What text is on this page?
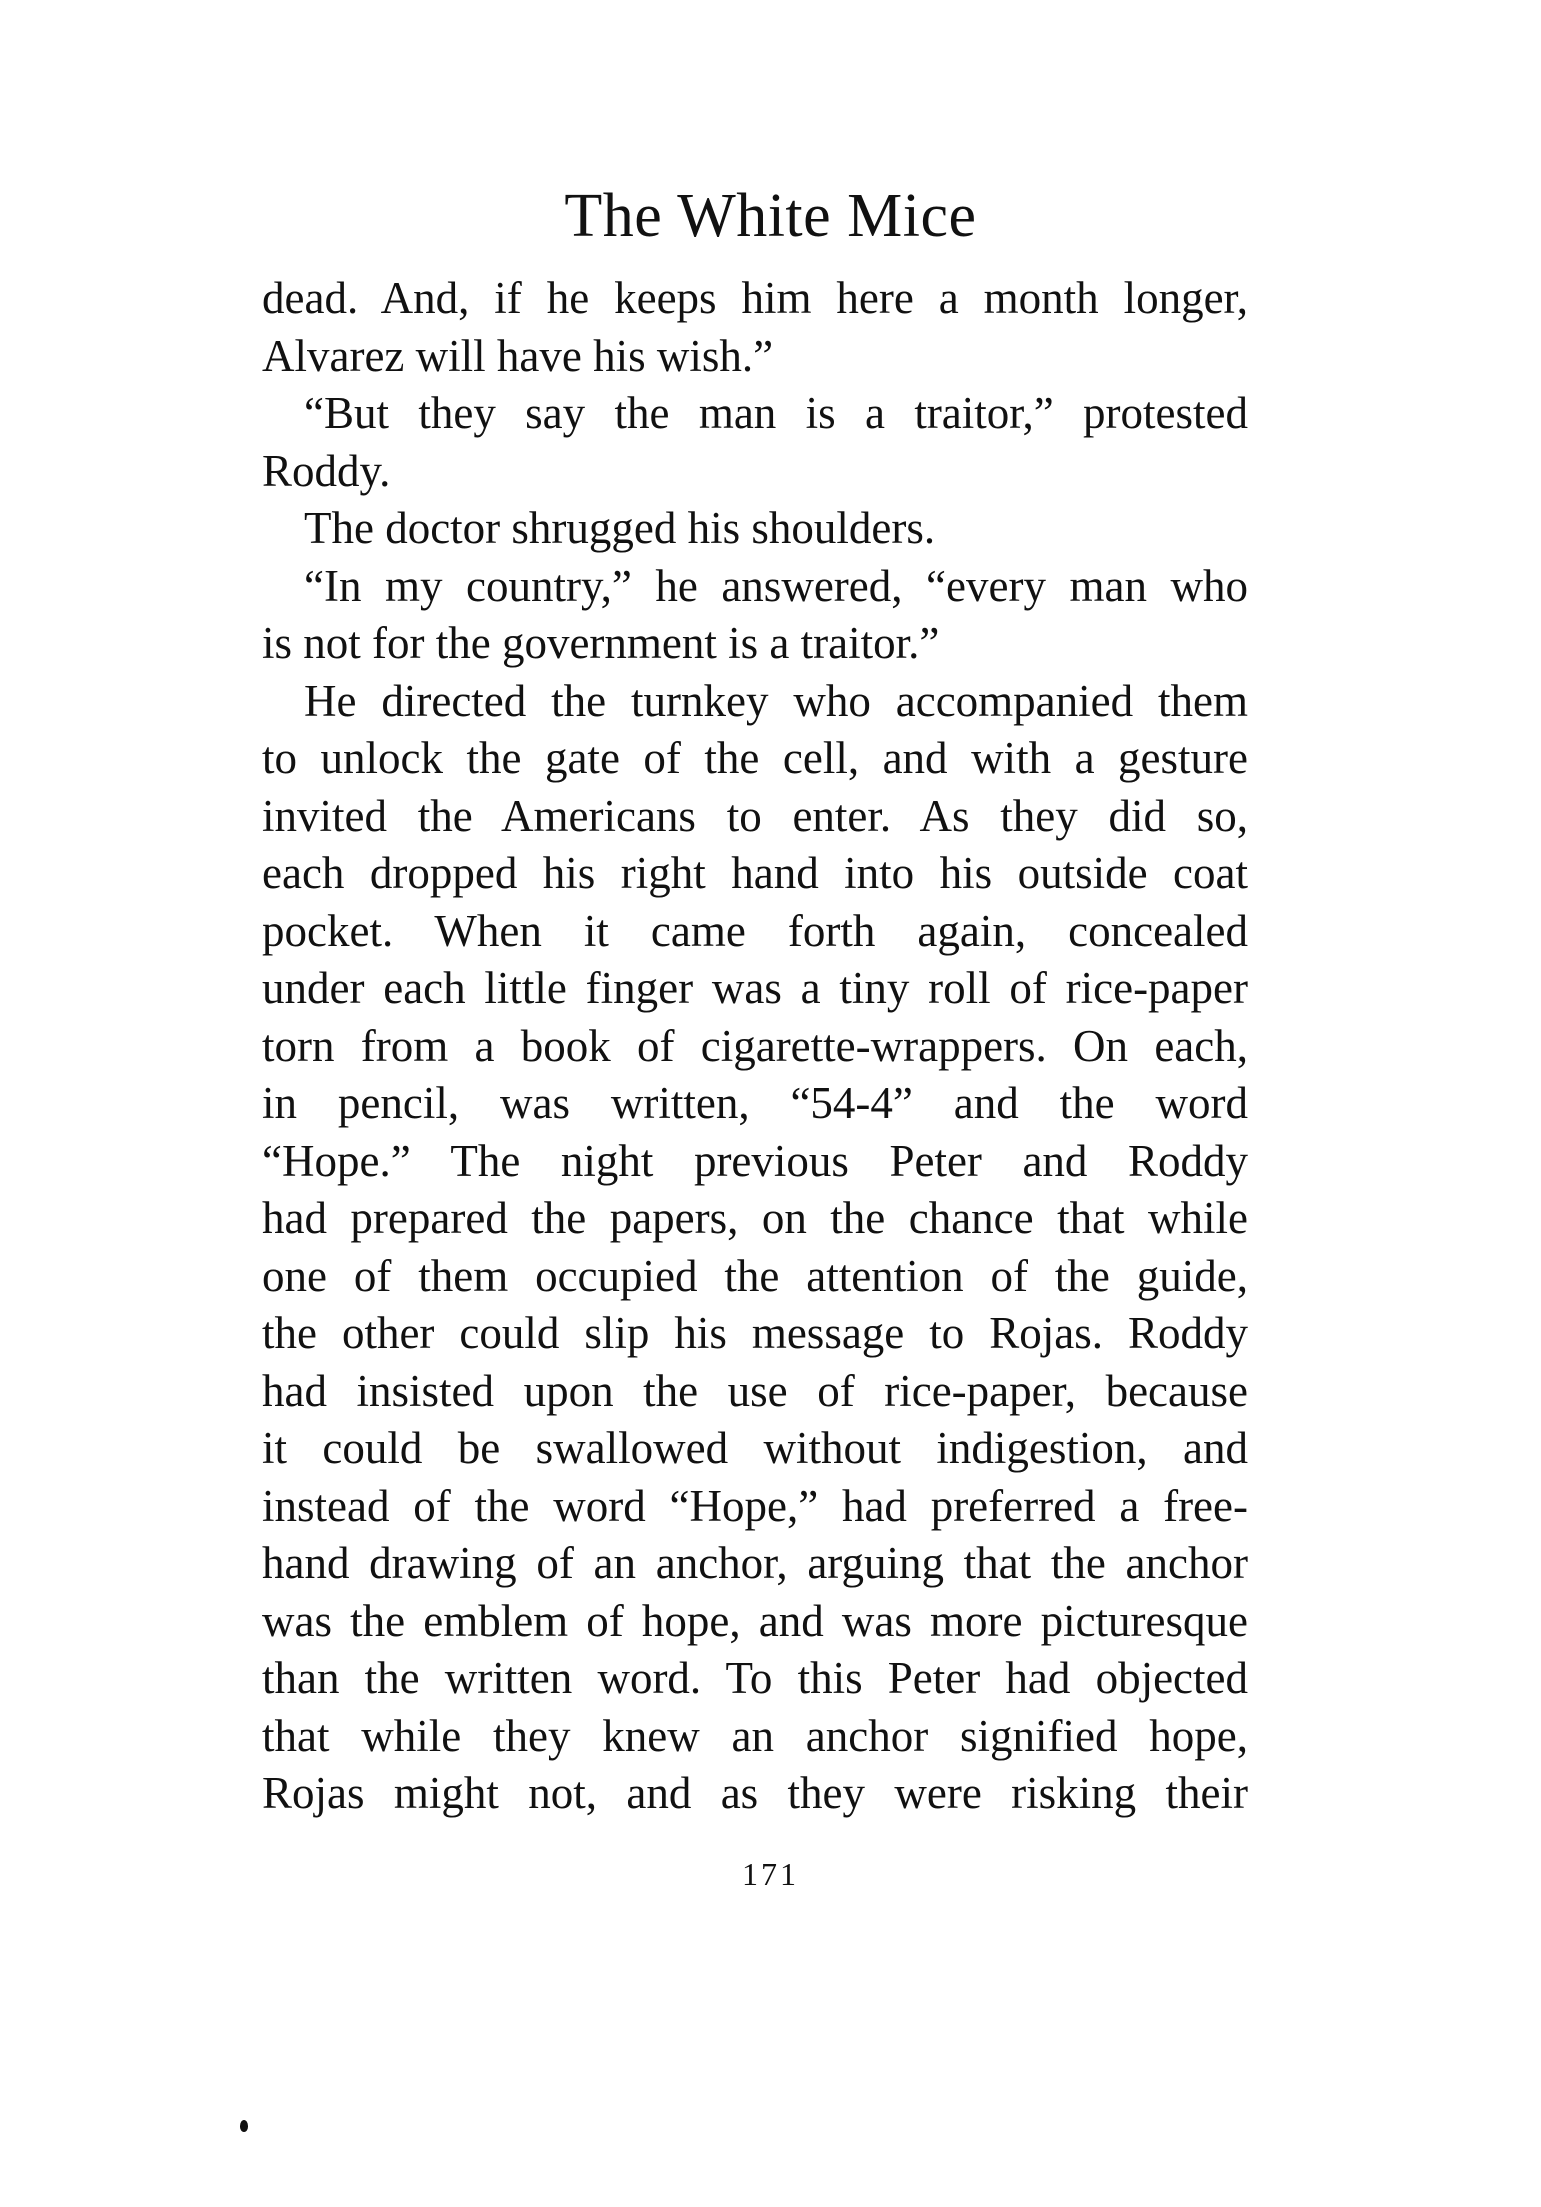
The White Mice
dead. And, if he keeps him here a month longer,
Alvarez will have his wish.”
“But they say the man is a traitor,” protested
Roddy.
The doctor shrugged his shoulders.
“In my country,” he answered, “every man who
is not for the government is a traitor.”
He directed the turnkey who accompanied them
to unlock the gate of the cell, and with a gesture
invited the Americans to enter. As they did so,
each dropped his right hand into his outside coat
pocket. When it came forth again, concealed
under each little finger was a tiny roll of rice-paper
torn from a book of cigarette-wrappers. On each,
in pencil, was written, “54-4” and the word
“Hope.” The night previous Peter and Roddy
had prepared the papers, on the chance that while
one of them occupied the attention of the guide,
the other could slip his message to Rojas. Roddy
had insisted upon the use of rice-paper, because
it could be swallowed without indigestion, and
instead of the word “Hope,” had preferred a free-
hand drawing of an anchor, arguing that the anchor
was the emblem of hope, and was more picturesque
than the written word. To this Peter had objected
that while they knew an anchor signified hope,
Rojas might not, and as they were risking their
171
